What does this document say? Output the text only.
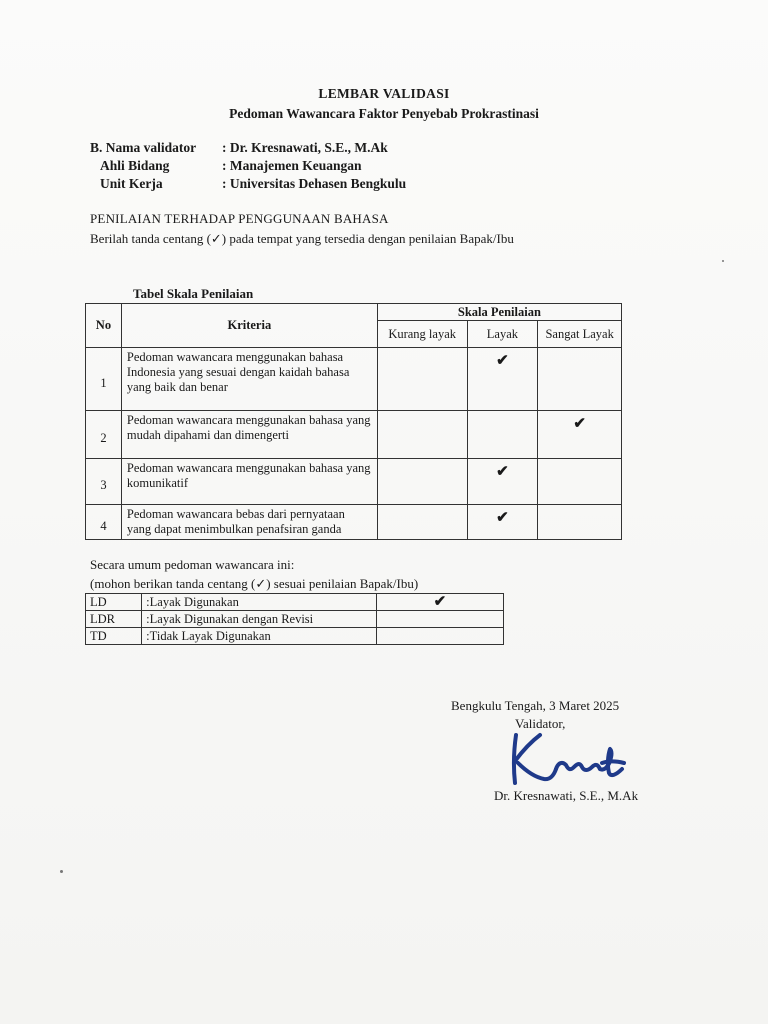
LEMBAR VALIDASI
Pedoman Wawancara Faktor Penyebab Prokrastinasi
B. Nama validator	: Dr. Kresnawati, S.E., M.Ak
Ahli Bidang	: Manajemen Keuangan
Unit Kerja	: Universitas Dehasen Bengkulu
PENILAIAN TERHADAP PENGGUNAAN BAHASA
Berilah tanda centang (✓) pada tempat yang tersedia dengan penilaian Bapak/Ibu
Tabel Skala Penilaian
No	Kriteria	Skala Penilaian		
		Kurang layak	Layak	Sangat Layak
1	Pedoman wawancara menggunakan bahasa Indonesia yang sesuai dengan kaidah bahasa yang baik dan benar		✔	
2	Pedoman wawancara menggunakan bahasa yang mudah dipahami dan dimengerti			✔
3	Pedoman wawancara menggunakan bahasa yang komunikatif		✔	
4	Pedoman wawancara bebas dari pernyataan yang dapat menimbulkan penafsiran ganda		✔	
Secara umum pedoman wawancara ini:
(mohon berikan tanda centang (✓) sesuai penilaian Bapak/Ibu)
LD	:Layak Digunakan	✔
LDR	:Layak Digunakan dengan Revisi	
TD	:Tidak Layak Digunakan	
Bengkulu Tengah, 3 Maret 2025
Validator,
Dr. Kresnawati, S.E., M.Ak
